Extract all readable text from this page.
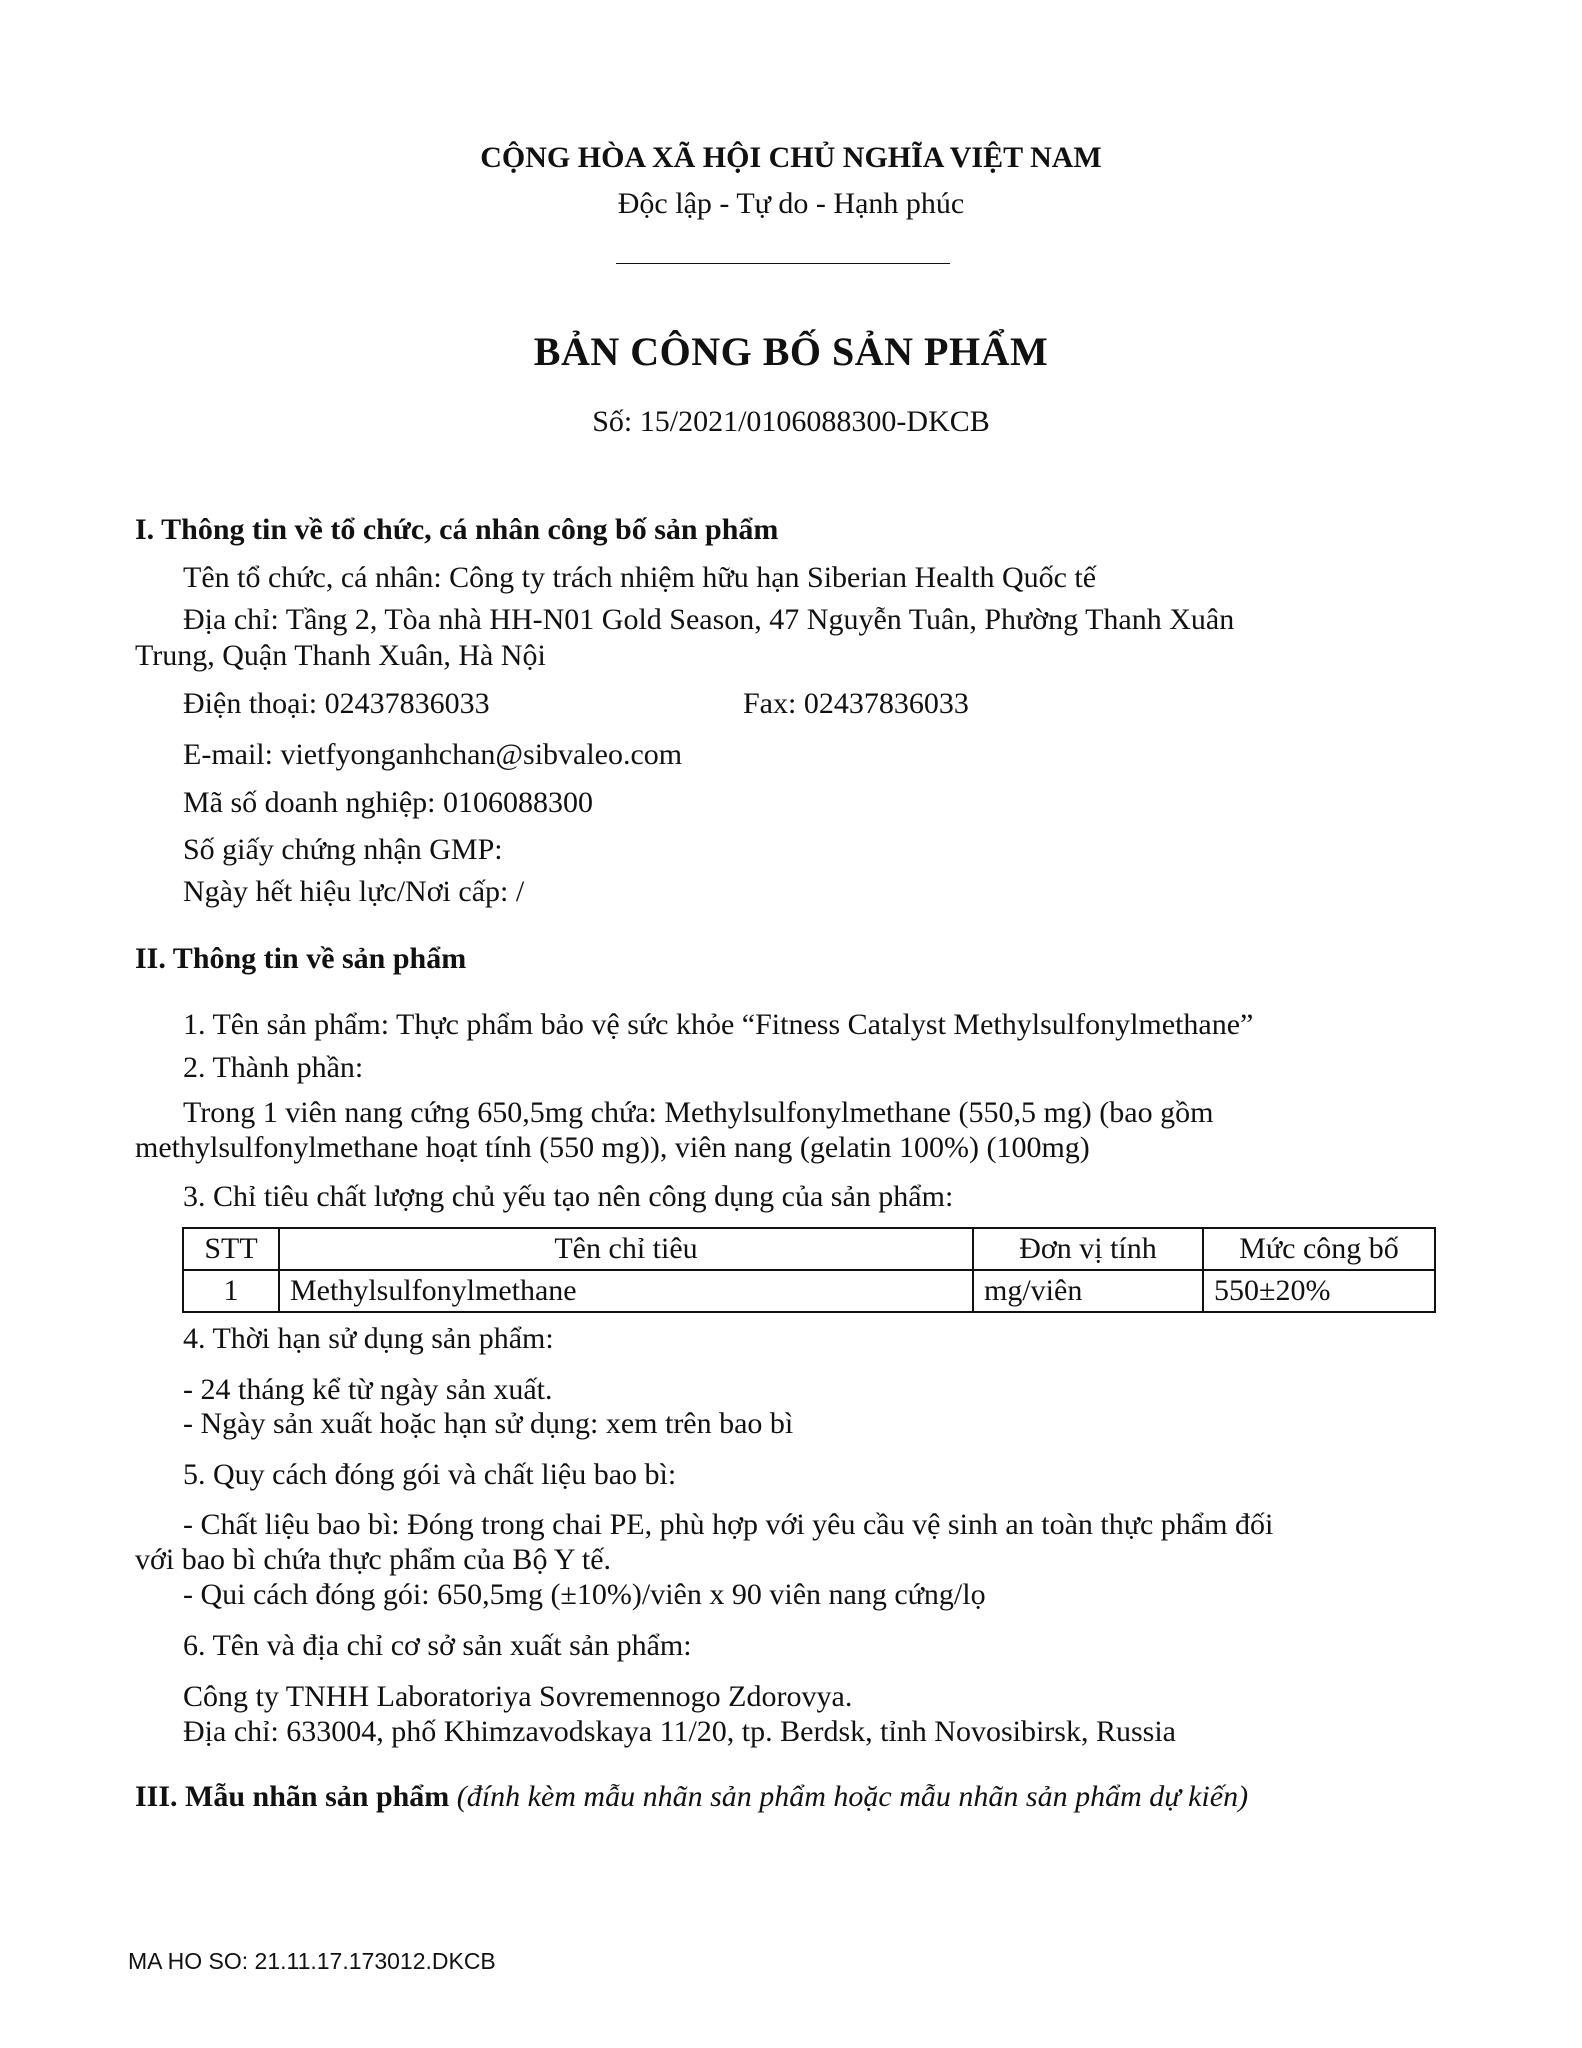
CỘNG HÒA XÃ HỘI CHỦ NGHĨA VIỆT NAM
Độc lập - Tự do - Hạnh phúc
BẢN CÔNG BỐ SẢN PHẨM
Số: 15/2021/0106088300-DKCB
I. Thông tin về tổ chức, cá nhân công bố sản phẩm
Tên tổ chức, cá nhân: Công ty trách nhiệm hữu hạn Siberian Health Quốc tế
Địa chỉ: Tầng 2, Tòa nhà HH-N01 Gold Season, 47 Nguyễn Tuân, Phường Thanh Xuân
Trung, Quận Thanh Xuân, Hà Nội
Điện thoại: 02437836033	Fax: 02437836033
E-mail: vietfyonganhchan@sibvaleo.com
Mã số doanh nghiệp: 0106088300
Số giấy chứng nhận GMP:
Ngày hết hiệu lực/Nơi cấp: /
II. Thông tin về sản phẩm
1. Tên sản phẩm: Thực phẩm bảo vệ sức khỏe “Fitness Catalyst Methylsulfonylmethane”
2. Thành phần:
Trong 1 viên nang cứng 650,5mg chứa: Methylsulfonylmethane (550,5 mg) (bao gồm
methylsulfonylmethane hoạt tính (550 mg)), viên nang (gelatin 100%) (100mg)
3. Chỉ tiêu chất lượng chủ yếu tạo nên công dụng của sản phẩm:
STT	Tên chỉ tiêu	Đơn vị tính	Mức công bố
1	Methylsulfonylmethane	mg/viên	550±20%
4. Thời hạn sử dụng sản phẩm:
- 24 tháng kể từ ngày sản xuất.
- Ngày sản xuất hoặc hạn sử dụng: xem trên bao bì
5. Quy cách đóng gói và chất liệu bao bì:
- Chất liệu bao bì: Đóng trong chai PE, phù hợp với yêu cầu vệ sinh an toàn thực phẩm đối
với bao bì chứa thực phẩm của Bộ Y tế.
- Qui cách đóng gói: 650,5mg (±10%)/viên x 90 viên nang cứng/lọ
6. Tên và địa chỉ cơ sở sản xuất sản phẩm:
Công ty TNHH Laboratoriya Sovremennogo Zdorovya.
Địa chỉ: 633004, phố Khimzavodskaya 11/20, tp. Berdsk, tỉnh Novosibirsk, Russia
III. Mẫu nhãn sản phẩm (đính kèm mẫu nhãn sản phẩm hoặc mẫu nhãn sản phẩm dự kiến)
MA HO SO: 21.11.17.173012.DKCB
